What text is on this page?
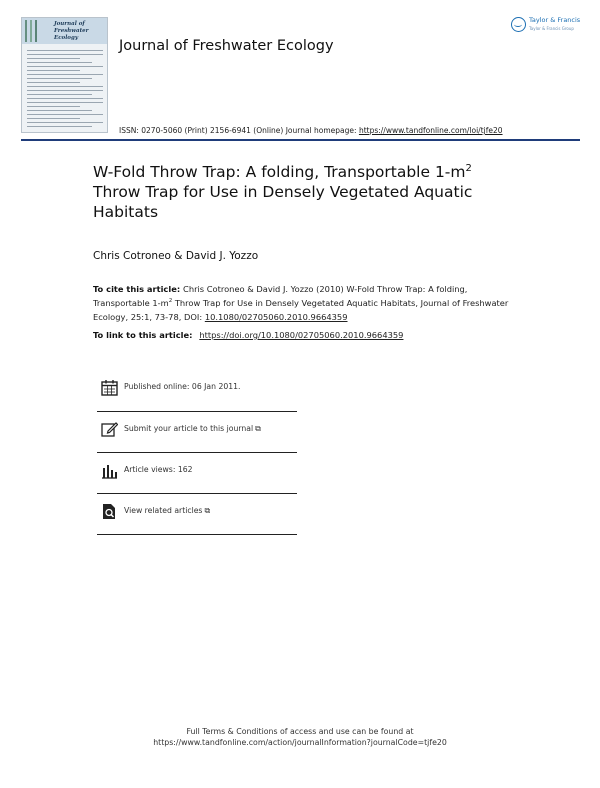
Journal of Freshwater Ecology	Journal of Freshwater Ecology
Taylor & Francis
Taylor & Francis Group
ISSN: 0270-5060 (Print) 2156-6941 (Online) Journal homepage: https://www.tandfonline.com/loi/tjfe20
W-Fold Throw Trap: A folding, Transportable $1-m^2$ Throw Trap for Use in Densely Vegetated Aquatic Habitats
Chris Cotroneo & David J. Yozzo
To cite this article: Chris Cotroneo & David J. Yozzo (2010) W-Fold Throw Trap: A folding, Transportable $1-m^2$ Throw Trap for Use in Densely Vegetated Aquatic Habitats, Journal of Freshwater Ecology, 25:1, 73-78, DOI: 10.1080/02705060.2010.9664359
To link to this article: https://doi.org/10.1080/02705060.2010.9664359
Published online: 06 Jan 2011.
Submit your article to this journal ⧉
Article views: 162
View related articles ⧉
Full Terms & Conditions of access and use can be found at
https://www.tandfonline.com/action/journalInformation?journalCode=tjfe20
